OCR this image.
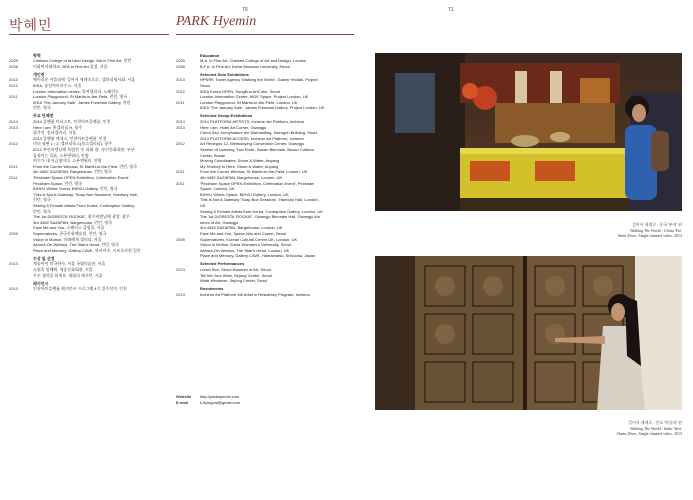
70	71
박혜민	PARK Hyemin
학력
2009	Chelsea College of Art and Design, MA in Fine Art, 런던
2008	이화여자대학교, BFA in Fine Art 졸업, 서울
개인전
2013	에이라운 아뜰리에 '걸어서 세계속으로', 갤러리영서화, 서울
2012	IKEA, 송강아트카우스, 서울
London Information centre, 목여갤러리, 노웨런드
2011	London Playground, St Martin-in-the-Field, 런던, 영국
IKEA 'The January Sale', James Freeman Gallery, 런던
런던, 영국
주요 단체전
2014	2014 플랫폼 아티스트, 인천아트플랫폼, 인천
2013	Here I am, 홍갤러리 H, 광주
평가전, 송파갤러리, 서울
2013 플랫폼 액세스, 인천아트플랫폼, 인천
2012	미녀 심판 1 / 2, 갤러리룩스(룩스갤러리), 광주
2012 부산비엔날레 특별전 '우 리와 함', 부산문화회관, 부산
움직이는 목표, 스톤앤워터, 안양
여기가 내 지금영이다, 스톤앤워터, 안양
2011	From the Corner Window, St Martin-in-the-Field, 런던, 영국
4th 4482 SAZAPAN, Bargehouse, 런던, 영국
2011	'Peckham Space OPEN Exhibition, Celebration Event',
Peckham Space, 런던, 영국
BIHVU Winter Guest, BIHVU Gallery, 런던, 영국
'This Is Not A Gateway' 'Soap Box Sessions', Hanbury Hall,
런던, 영국
Seeing 5 Female Artists From Korea, Contraption Gallery,
런던, 영국
The 1st DIGRESTA 'ROOKIE', 광주비엔날레 광장, 광주
3rd 4482 SAZAPAN, Bargehouse, 런던, 영국
Face Me and You, 스페이스 클럽홀, 서울
2009	Supernatures, 한국문화예술원, 런던, 영국
Vision in Motion, 미래에게 갤러리, 서울
Ashore-On-Weidou, The Stair's Head, 런던, 영국
Place and Memory, Gallery CAVE, 하마마츠, 시즈오카현 일본
수상 및 선정
2013	제송아이 미국학사, 서울 국립미술관, 서울
소원을 말해봐, 세종문화회관, 서울
무슨 생각을 하세요, 제랄리 레지던, 서울
레지던시
2013	인천아트플랫폼 레지던시 프로그램 4기 입주작가, 인천
Education
2009	M.A. in Fine Art, Chelsea College of Art and Design, London
2008	B.F.A. in Fine Art, Ewha Womans University, Seoul
Selected Solo Exhibitions
2013	HPNRK Travel Agency 'Walking the World', Galary Yeollak, Project
Seoul
2012	IKEA Korea OPEN, SongEun ArtCube, Seoul
London Information Centre, MOK Space, Project London, UK
2011	London Playground, St Martin-in-the-Field, London, UK
IKEA 'The January Sale', James Freeman Gallery, Project London, UK
Selected Group Exhibitions
2014	2014 PLATFORM ARTISTS, Incheon Art Platform, Incheon
2013	Here I am, Hotel Art Corner, Gwangju
Cheol-Seo JoonyNature the Dismantling, Saengnh Building, Seoul
2013 PLATFORM ACCESS, Incheon Art Platform, Incheon
2012	Art Renegos 12, Weekdaying Convention Center, Gwangju
Section of Learning 'Two Sorts', Busan Biennale, Busan Cultural
Center, Busan
Moving Coordinates, Stone & Water, Anyang
My Territory Is Here, Stone & Water, Anyang
2011	From the Corner Window, St Martin-in-the-Field, London, UK
4th 4482 SAZAPAN, Bargehouse, London, UK
2011	'Peckham Space OPEN Exhibition, Celebration Event', Peckham
Space, London, UK
BIHVU Winter Space, BIHVU Gallery, London, UK
This Is Not A Gateway 'Soap Box Sessions', Hanbury Hall, London,
UK
Seeing 5 Female Artists from Korea, Contraption Gallery, London, UK
The 1st DIGRESTA 'ROOKIE', Gwangju Biennale Hall, Gwangju Mu
seum of Art, Gwangju
3rd 4482 SAZAPAN, Bargehouse, London, UK
Face Me and You, Space-Nilu and Comer, Seoul
2009	Supernatures, Korean Cultural Centre UK, London, UK
Vision in Motion, Ewha Womans's University, Seoul
Ashore-On-Weidou, The Stair's Head, London, UK
Place and Memory, Gallery CAVE, Hamamatsu, Shizuoka, Japan
Selected Performances
2013	Lunch Box, Seoul Museum of Art, Seoul
Tell Me Your Wish, Sejong Center, Seoul
Write Whatever, Sejong Center, Seoul
Residencies
2013	Incheon Art Platform 4th Artist in Residency Program, Incheon
Website	http://parkhyemin.com
E-mail	k.flyingcat@gmail.com
걸어서 세계로 : 중국 '부어' 편
Walking The World : China 'Fui'
9min 45sec, Single channel video, 2013
걸어서 세계로 : 인도 '마슬라' 편
Walking The World : India 'Sitis'
13min 20sec, Single channel video, 2013
